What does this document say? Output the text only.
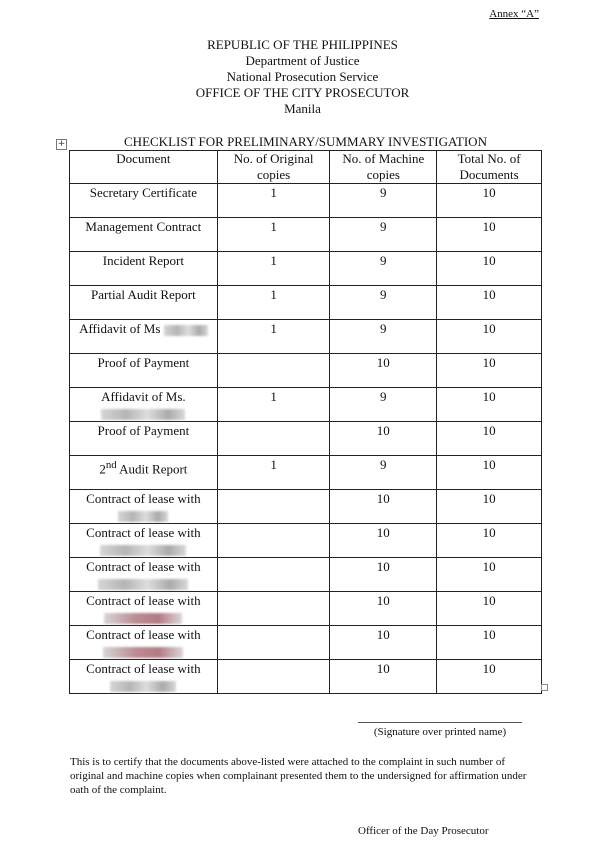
Annex “A”
REPUBLIC OF THE PHILIPPINES
Department of Justice
National Prosecution Service
OFFICE OF THE CITY PROSECUTOR
Manila
+	CHECKLIST FOR PRELIMINARY/SUMMARY INVESTIGATION
Document	No. of Original copies	No. of Machine copies	Total No. of Documents
Secretary Certificate	1	9	10
Management Contract	1	9	10
Incident Report	1	9	10
Partial Audit Report	1	9	10
Affidavit of Ms	1	9	10
Proof of Payment		10	10
Affidavit of Ms.	1	9	10
Proof of Payment		10	10
2nd Audit Report	1	9	10
Contract of lease with		10	10
Contract of lease with		10	10
Contract of lease with		10	10
Contract of lease with		10	10
Contract of lease with		10	10
Contract of lease with		10	10
(Signature over printed name)
This is to certify that the documents above-listed were attached to the complaint in such number of original and machine copies when complainant presented them to the undersigned for affirmation under oath of the complaint.
Officer of the Day Prosecutor
